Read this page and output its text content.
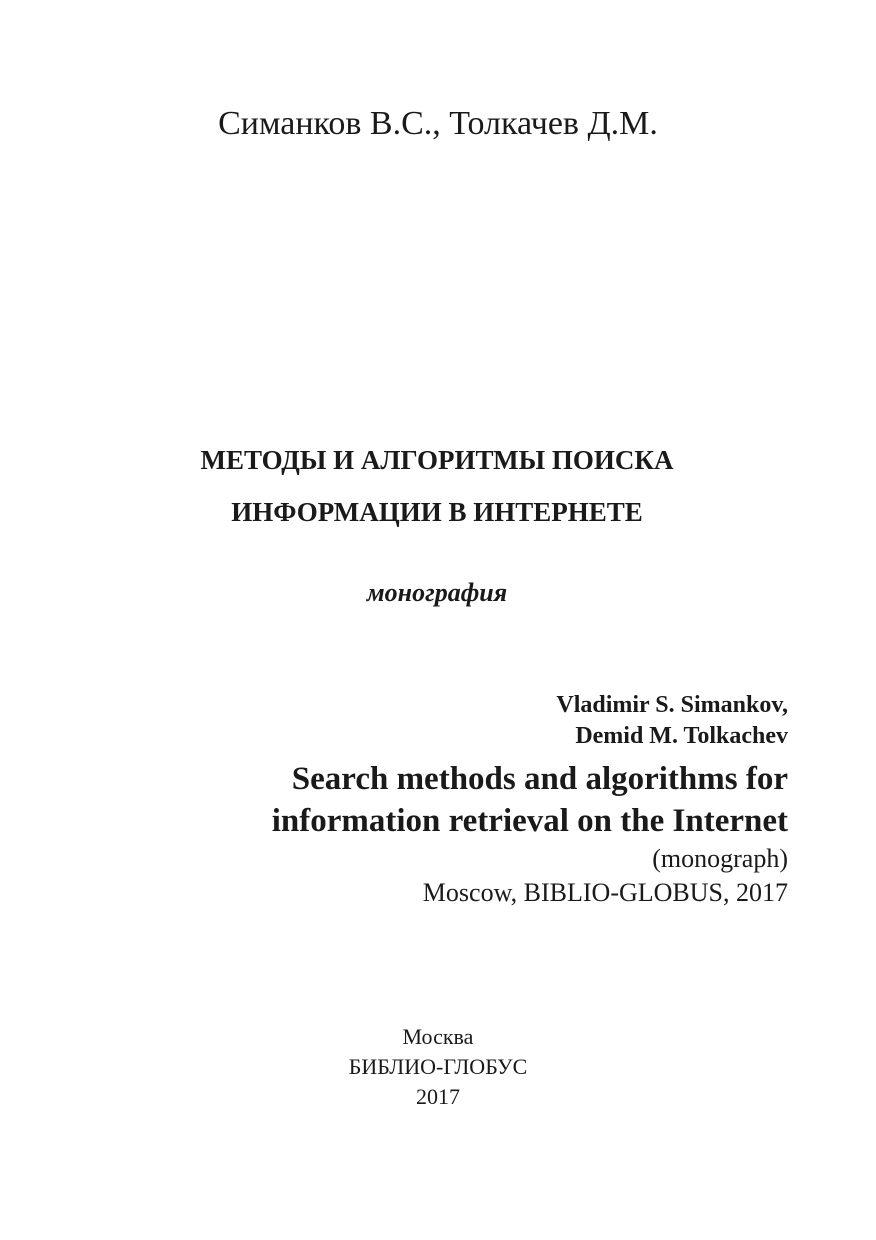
Симанков В.С., Толкачев Д.М.
МЕТОДЫ И АЛГОРИТМЫ ПОИСКА
ИНФОРМАЦИИ В ИНТЕРНЕТЕ
монография
Vladimir S. Simankov,
Demid M. Tolkachev
Search methods and algorithms for
information retrieval on the Internet
(monograph)
Moscow, BIBLIO-GLOBUS, 2017
Москва
БИБЛИО-ГЛОБУС
2017
